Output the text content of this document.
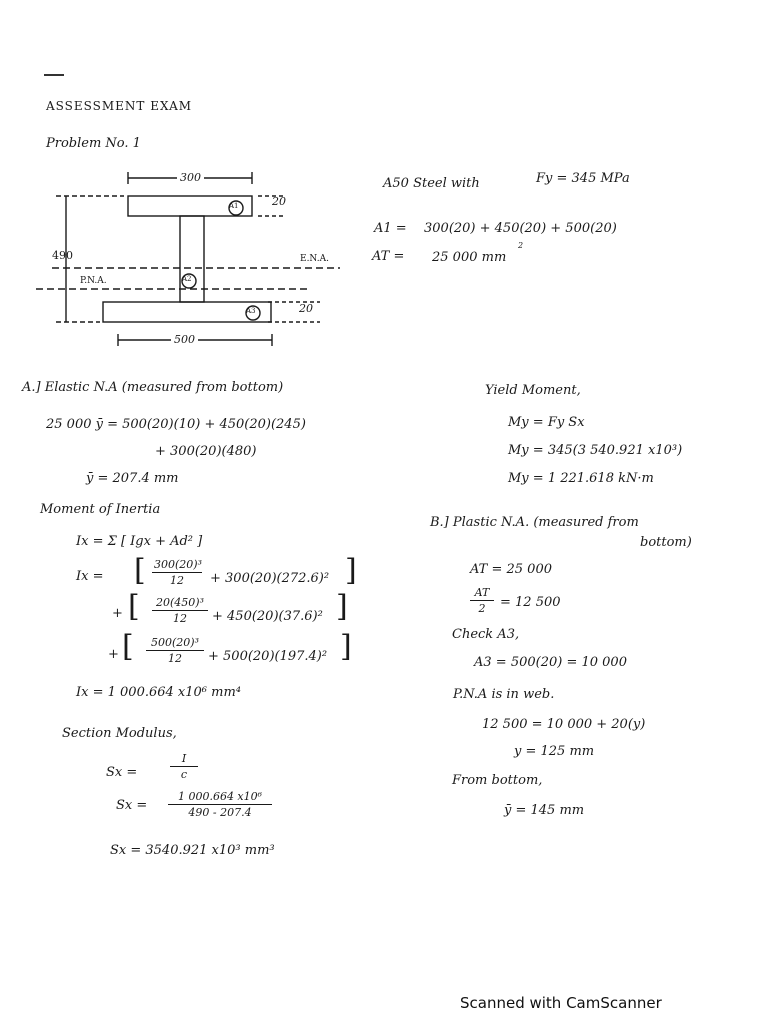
ASSESSMENT EXAM
Problem No. 1
300
20
490
500
20
E.N.A.
P.N.A.
A1
A2
A3
A50 Steel with	Fy = 345 MPa
A1 = 300(20) + 450(20) + 500(20)
AT = 25 000 mm
2
A.] Elastic N.A (measured from bottom)
25 000 ȳ = 500(20)(10) + 450(20)(245)
+ 300(20)(480)
ȳ = 207.4 mm
Moment of Inertia
Ix = Σ [ Igx + Ad² ]
Ix = [ $\frac{\text{300(20)³}}{12} + 300(20)(272.6)^2$ ]
+ [ $\frac{\text{20(450)³}}{12} + 450(20)(37.6)^2$ ]
+ [ $\frac{\text{500(20)³}}{12} + 500(20)(197.4)^2$ ]
Ix = 1 000.664 x10⁶ mm⁴
Section Modulus,
Sx =	$\frac{I}{c}$
$Sx = \frac{\text{1 000.664 x10⁶}}{490 - 207.4}$
Sx = 3540.921 x10³ mm³
Yield Moment,
My = Fy Sx
My = 345(3 540.921 x10³)
My = 1 221.618 kN·m
B.] Plastic N.A. (measured from
bottom)
AT = 25 000
$\frac{AT}{2} = 12$ 500
Check A3,
A3 = 500(20) = 10 000
P.N.A is in web.
12 500 = 10 000 + 20(y)
y = 125 mm
From bottom,
ȳ = 145 mm
Scanned with CamScanner
